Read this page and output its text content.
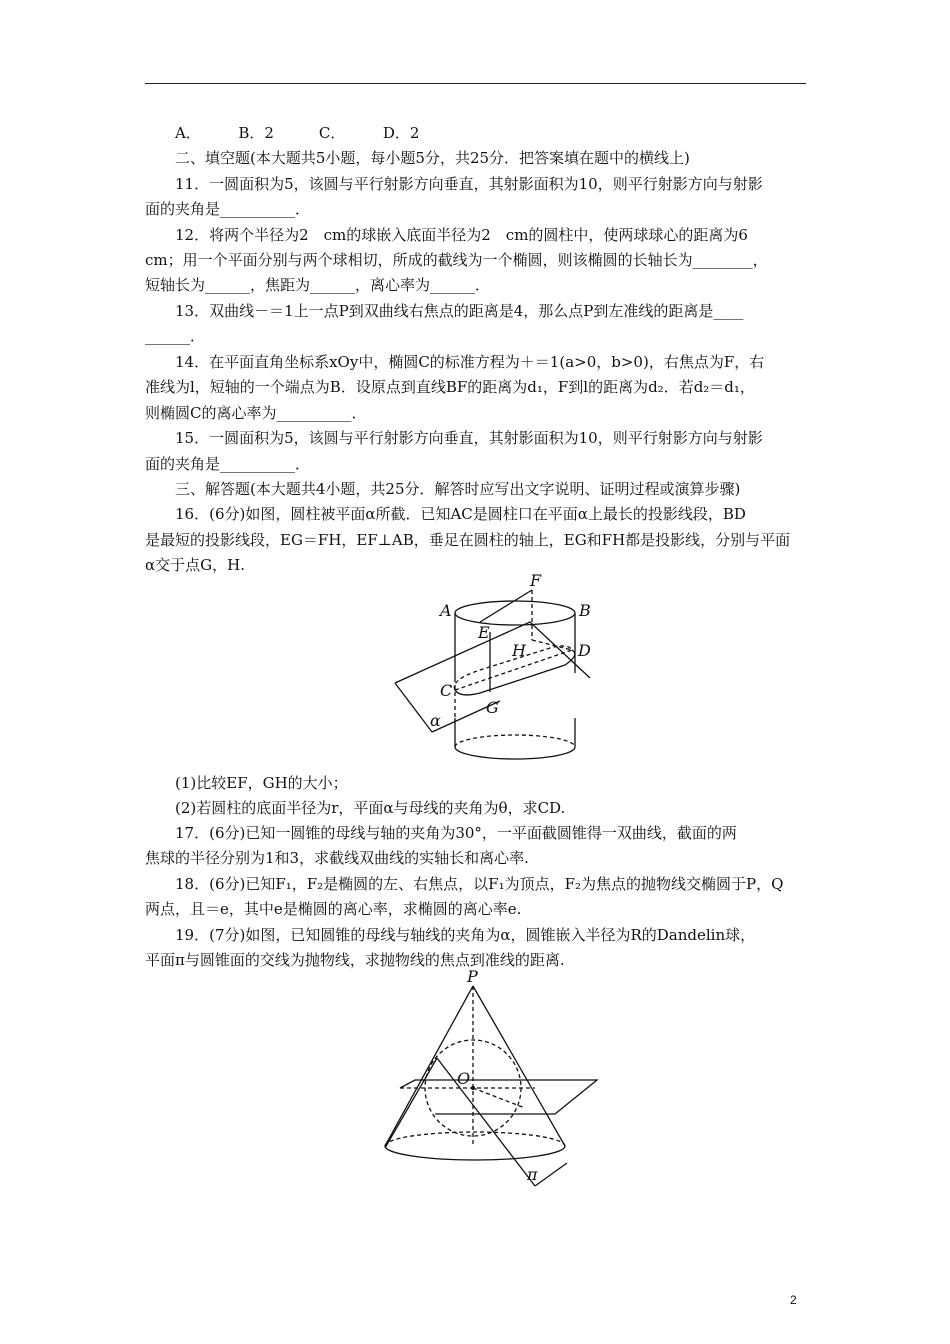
A．　　　B．2　　　C．　　　D．2
二、填空题(本大题共5小题，每小题5分，共25分．把答案填在题中的横线上)
11．一圆面积为5，该圆与平行射影方向垂直，其射影面积为10，则平行射影方向与射影
面的夹角是__________．
12．将两个半径为2　cm的球嵌入底面半径为2　cm的圆柱中，使两球球心的距离为6
cm；用一个平面分别与两个球相切，所成的截线为一个椭圆，则该椭圆的长轴长为________，
短轴长为______，焦距为______，离心率为______．
13．双曲线－＝1上一点P到双曲线右焦点的距离是4，那么点P到左准线的距离是____
______．
14．在平面直角坐标系xOy中，椭圆C的标准方程为＋＝1(a>0，b>0)，右焦点为F，右
准线为l，短轴的一个端点为B．设原点到直线BF的距离为d₁，F到l的距离为d₂．若d₂＝d₁，
则椭圆C的离心率为__________．
15．一圆面积为5，该圆与平行射影方向垂直，其射影面积为10，则平行射影方向与射影
面的夹角是__________．
三、解答题(本大题共4小题，共25分．解答时应写出文字说明、证明过程或演算步骤)
16．(6分)如图，圆柱被平面α所截．已知AC是圆柱口在平面α上最长的投影线段，BD
是最短的投影线段，EG＝FH，EF⊥AB，垂足在圆柱的轴上，EG和FH都是投影线，分别与平面
α交于点G，H.
F
A	B
E
H	D
C
G
α
(1)比较EF，GH的大小；
(2)若圆柱的底面半径为r，平面α与母线的夹角为θ，求CD.
17．(6分)已知一圆锥的母线与轴的夹角为30°，一平面截圆锥得一双曲线，截面的两
焦球的半径分别为1和3，求截线双曲线的实轴长和离心率.
18．(6分)已知F₁，F₂是椭圆的左、右焦点，以F₁为顶点，F₂为焦点的抛物线交椭圆于P，Q
两点，且＝e，其中e是椭圆的离心率，求椭圆的离心率e.
19．(7分)如图，已知圆锥的母线与轴线的夹角为α，圆锥嵌入半径为R的Dandelin球，
平面π与圆锥面的交线为抛物线，求抛物线的焦点到准线的距离.
P
O
π
2
